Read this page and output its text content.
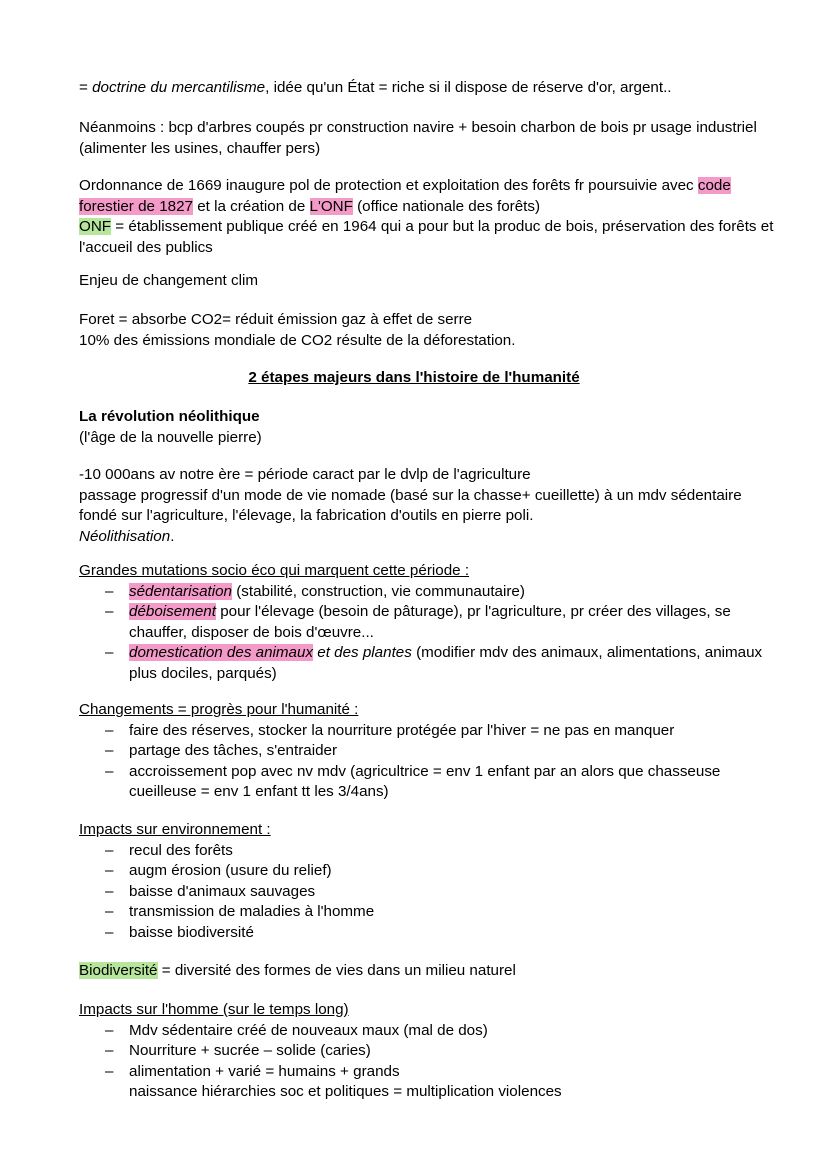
= doctrine du mercantilisme, idée qu'un État = riche si il dispose de réserve d'or, argent..

Néanmoins : bcp d'arbres coupés pr construction navire + besoin charbon de bois pr usage industriel (alimenter les usines, chauffer pers)

Ordonnance de 1669 inaugure pol de protection et exploitation des forêts fr poursuivie avec code forestier de 1827 et la création de L'ONF (office nationale des forêts)
ONF = établissement publique créé en 1964 qui a pour but la produc de bois, préservation des forêts et l'accueil des publics

Enjeu de changement clim

Foret = absorbe CO2= réduit émission gaz à effet de serre
10% des émissions mondiale de CO2 résulte de la déforestation.

2 étapes majeurs dans l'histoire de l'humanité

La révolution néolithique
(l'âge de la nouvelle pierre)

-10 000ans av notre ère = période caract par le dvlp de l'agriculture
passage progressif d'un mode de vie nomade (basé sur la chasse+ cueillette) à un mdv sédentaire fondé sur l'agriculture, l'élevage, la fabrication d'outils en pierre poli.
Néolithisation.

Grandes mutations socio éco qui marquent cette période :
– sédentarisation (stabilité, construction, vie communautaire)
– déboisement pour l'élevage (besoin de pâturage), pr l'agriculture, pr créer des villages, se chauffer, disposer de bois d'œuvre...
– domestication des animaux et des plantes (modifier mdv des animaux, alimentations, animaux plus dociles, parqués)
Changements = progrès pour l'humanité :
– faire des réserves, stocker la nourriture protégée par l'hiver = ne pas en manquer
– partage des tâches, s'entraider
– accroissement pop avec nv mdv (agricultrice = env 1 enfant par an alors que chasseuse cueilleuse = env 1 enfant tt les 3/4ans)
Impacts sur environnement :
– recul des forêts
– augm érosion (usure du relief)
– baisse d'animaux sauvages
– transmission de maladies à l'homme
– baisse biodiversité

Biodiversité = diversité des formes de vies dans un milieu naturel

Impacts sur l'homme (sur le temps long)
– Mdv sédentaire créé de nouveaux maux (mal de dos)
– Nourriture + sucrée – solide (caries)
– alimentation + varié = humains + grands
naissance hiérarchies soc et politiques = multiplication violences
